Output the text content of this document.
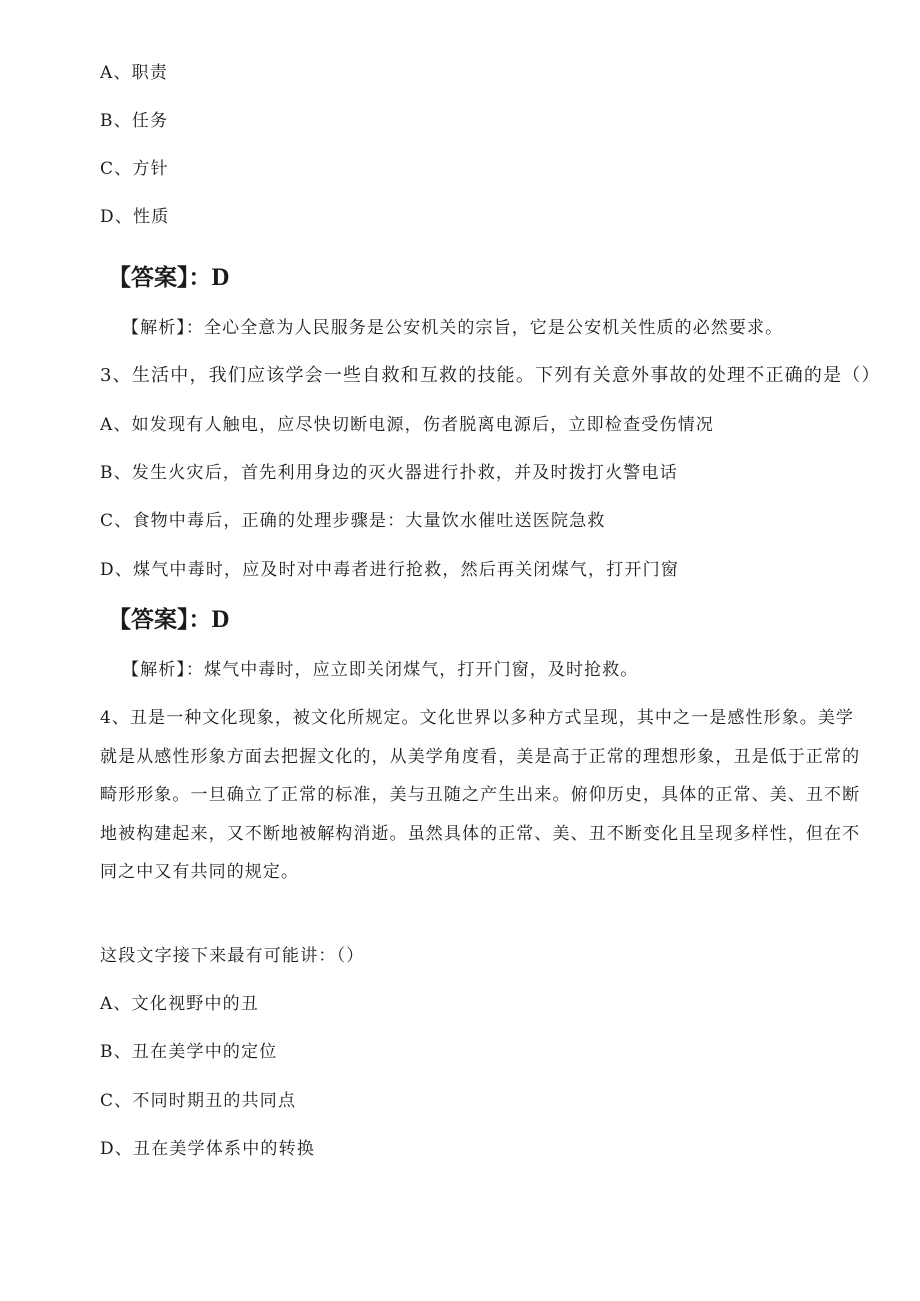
A、职责
B、任务
C、方针
D、性质
【答案】：D
【解析】：全心全意为人民服务是公安机关的宗旨，它是公安机关性质的必然要求。
3、生活中，我们应该学会一些自救和互救的技能。下列有关意外事故的处理不正确的是（）
A、如发现有人触电，应尽快切断电源，伤者脱离电源后，立即检查受伤情况
B、发生火灾后，首先利用身边的灭火器进行扑救，并及时拨打火警电话
C、食物中毒后，正确的处理步骤是：大量饮水催吐送医院急救
D、煤气中毒时，应及时对中毒者进行抢救，然后再关闭煤气，打开门窗
【答案】：D
【解析】：煤气中毒时，应立即关闭煤气，打开门窗，及时抢救。
4、丑是一种文化现象，被文化所规定。文化世界以多种方式呈现，其中之一是感性形象。美学就是从感性形象方面去把握文化的，从美学角度看，美是高于正常的理想形象，丑是低于正常的畸形形象。一旦确立了正常的标准，美与丑随之产生出来。俯仰历史，具体的正常、美、丑不断地被构建起来，又不断地被解构消逝。虽然具体的正常、美、丑不断变化且呈现多样性，但在不同之中又有共同的规定。
这段文字接下来最有可能讲：（）
A、文化视野中的丑
B、丑在美学中的定位
C、不同时期丑的共同点
D、丑在美学体系中的转换
